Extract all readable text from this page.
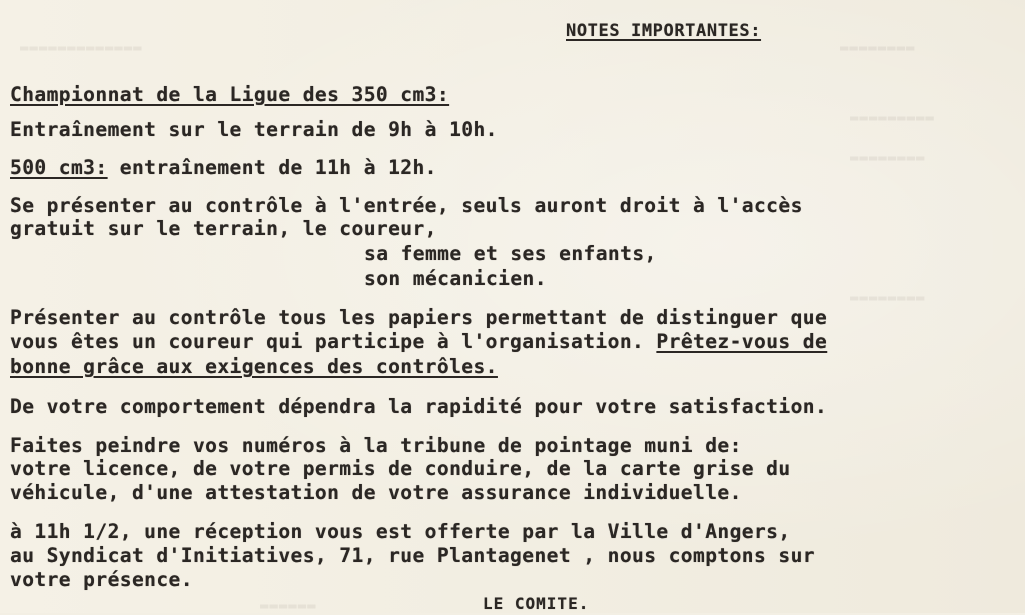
▬▬▬▬▬▬▬▬▬▬▬▬▬	▬▬▬▬▬▬▬▬
▬▬▬▬▬▬▬▬▬
▬▬▬▬▬▬▬▬
▬▬▬▬▬▬▬▬
▬▬▬▬▬▬
NOTES IMPORTANTES:
Championnat de la Ligue des 350 cm3:
Entraînement sur le terrain de 9h à 10h.
500 cm3: entraînement de 11h à 12h.
Se présenter au contrôle à l'entrée, seuls auront droit à l'accès
gratuit sur le terrain, le coureur,
sa femme et ses enfants,
son mécanicien.
Présenter au contrôle tous les papiers permettant de distinguer que
vous êtes un coureur qui participe à l'organisation. Prêtez-vous de
bonne grâce aux exigences des contrôles.
De votre comportement dépendra la rapidité pour votre satisfaction.
Faites peindre vos numéros à la tribune de pointage muni de:
votre licence, de votre permis de conduire, de la carte grise du
véhicule, d'une attestation de votre assurance individuelle.
à 11h 1/2, une réception vous est offerte par la Ville d'Angers,
au Syndicat d'Initiatives, 71, rue Plantagenet , nous comptons sur
votre présence.
LE COMITE.
